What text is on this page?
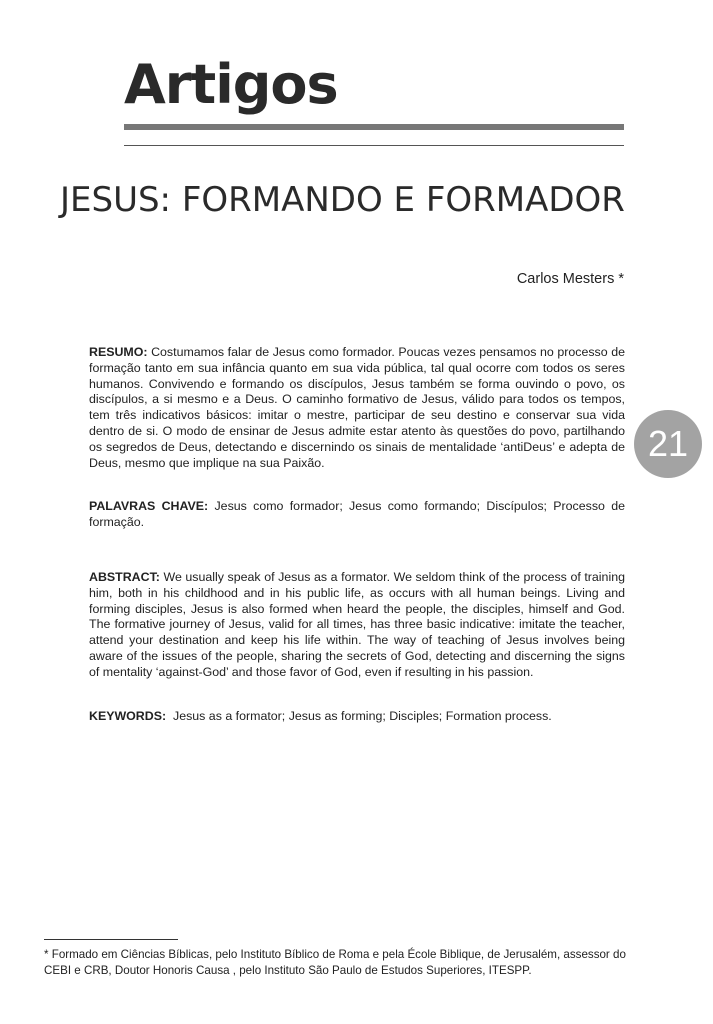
Artigos
JESUS: FORMANDO E FORMADOR
Carlos Mesters *

RESUMO: Costumamos falar de Jesus como formador. Poucas vezes pensamos no processo de formação tanto em sua infância quanto em sua vida pública, tal qual ocorre com todos os seres humanos. Convivendo e formando os discípulos, Jesus também se forma ouvindo o povo, os discípulos, a si mesmo e a Deus. O caminho formativo de Jesus, válido para todos os tempos, tem três indicativos básicos: imitar o mestre, participar de seu destino e conservar sua vida dentro de si. O modo de ensinar de Jesus admite estar atento às questões do povo, partilhando os segredos de Deus, detectando e discernindo os sinais de mentalidade ‘antiDeus’ e adepta de Deus, mesmo que implique na sua Paixão.

PALAVRAS CHAVE: Jesus como formador; Jesus como formando; Discípulos; Processo de formação.

ABSTRACT: We usually speak of Jesus as a formator. We seldom think of the process of training him, both in his childhood and in his public life, as occurs with all human beings. Living and forming disciples, Jesus is also formed when heard the people, the disciples, himself and God. The formative journey of Jesus, valid for all times, has three basic indicative: imitate the teacher, attend your destination and keep his life within. The way of teaching of Jesus involves being aware of the issues of the people, sharing the secrets of God, detecting and discerning the signs of mentality ‘against-God’ and those favor of God, even if resulting in his passion.

KEYWORDS: Jesus as a formator; Jesus as forming; Disciples; Formation process.

21

* Formado em Ciências Bíblicas, pelo Instituto Bíblico de Roma e pela École Biblique, de Jerusalém, assessor do CEBI e CRB, Doutor Honoris Causa , pelo Instituto São Paulo de Estudos Superiores, ITESPP.
